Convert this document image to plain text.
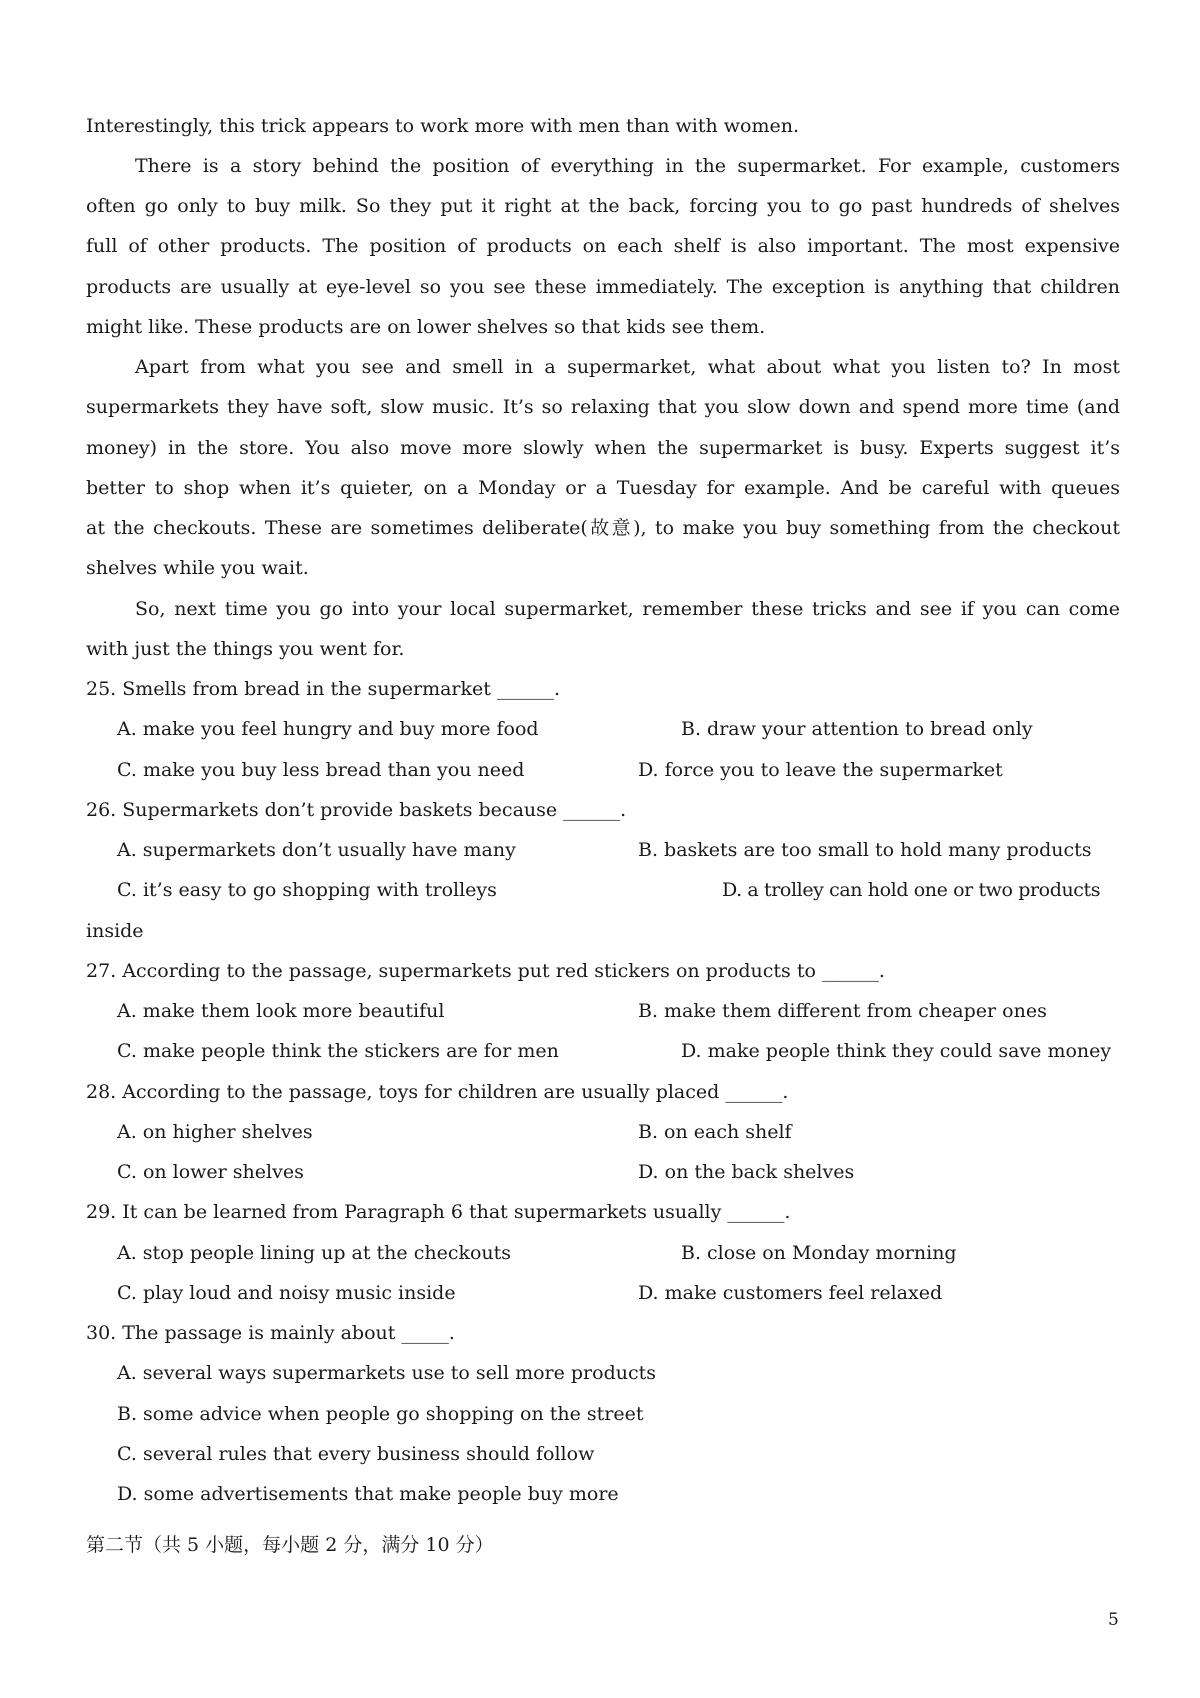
Interestingly, this trick appears to work more with men than with women.
There is a story behind the position of everything in the supermarket. For example, customers
often go only to buy milk. So they put it right at the back, forcing you to go past hundreds of shelves
full of other products. The position of products on each shelf is also important. The most expensive
products are usually at eye-level so you see these immediately. The exception is anything that children
might like. These products are on lower shelves so that kids see them.
Apart from what you see and smell in a supermarket, what about what you listen to? In most
supermarkets they have soft, slow music. It’s so relaxing that you slow down and spend more time (and
money) in the store. You also move more slowly when the supermarket is busy. Experts suggest it’s
better to shop when it’s quieter, on a Monday or a Tuesday for example. And be careful with queues
at the checkouts. These are sometimes deliberate(故意), to make you buy something from the checkout
shelves while you wait.
So, next time you go into your local supermarket, remember these tricks and see if you can come
with just the things you went for.
25. Smells from bread in the supermarket ______.
A. make you feel hungry and buy more food	B. draw your attention to bread only
C. make you buy less bread than you need	D. force you to leave the supermarket
26. Supermarkets don’t provide baskets because ______.
A. supermarkets don’t usually have many	B. baskets are too small to hold many products
C. it’s easy to go shopping with trolleys	D. a trolley can hold one or two products
inside
27. According to the passage, supermarkets put red stickers on products to ______.
A. make them look more beautiful	B. make them different from cheaper ones
C. make people think the stickers are for men	D. make people think they could save money
28. According to the passage, toys for children are usually placed ______.
A. on higher shelves	B. on each shelf
C. on lower shelves	D. on the back shelves
29. It can be learned from Paragraph 6 that supermarkets usually ______.
A. stop people lining up at the checkouts	B. close on Monday morning
C. play loud and noisy music inside	D. make customers feel relaxed
30. The passage is mainly about _____.
A. several ways supermarkets use to sell more products
B. some advice when people go shopping on the street
C. several rules that every business should follow
D. some advertisements that make people buy more
第二节（共 5 小题，每小题 2 分，满分 10 分）
5
